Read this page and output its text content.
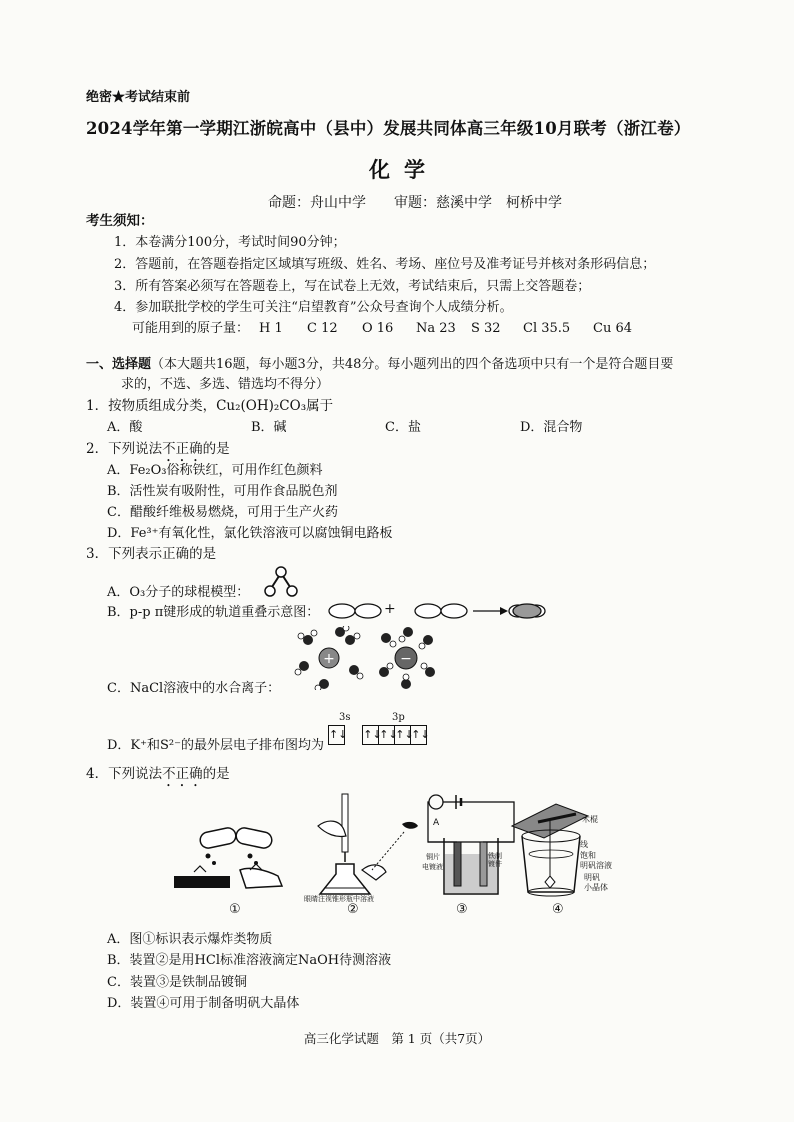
绝密★考试结束前
2024学年第一学期江浙皖高中（县中）发展共同体高三年级10月联考（浙江卷）
化学
命题：舟山中学　　审题：慈溪中学　柯桥中学
考生须知：
1．本卷满分100分，考试时间90分钟；
2．答题前，在答题卷指定区域填写班级、姓名、考场、座位号及准考证号并核对条形码信息；
3．所有答案必须写在答题卷上，写在试卷上无效，考试结束后，只需上交答题卷；
4．参加联批学校的学生可关注“启望教育”公众号查询个人成绩分析。
可能用到的原子量： H 1 C 12 O 16 Na 23 S 32 Cl 35.5 Cu 64
一、选择题（本大题共16题，每小题3分，共48分。每小题列出的四个备选项中只有一个是符合题目要
求的，不选、多选、错选均不得分）
1．按物质组成分类，Cu₂(OH)₂CO₃属于
A．酸	B．碱	C．盐	D．混合物
2．下列说法不正确的是
A．Fe₂O₃俗称铁红，可用作红色颜料
B．活性炭有吸附性，可用作食品脱色剂
C．醋酸纤维极易燃烧，可用于生产火药
D．Fe³⁺有氧化性，氯化铁溶液可以腐蚀铜电路板
3．下列表示正确的是
A．O₃分子的球棍模型：
B．p-p π键形成的轨道重叠示意图：	+
+	−
C．NaCl溶液中的水合离子：
3s	3p
D．K⁺和S²⁻的最外层电子排布图均为
↑↓ ↑↓↑↓↑↓↑↓
4．下列说法不正确的是
①
眼睛注视锥形瓶中溶液
②
A
铜片
电镀液
铁制镀件
③
木棍
线
饱和
明矾溶液
明矾
小晶体
④
A．图①标识表示爆炸类物质
B．装置②是用HCl标准溶液滴定NaOH待测溶液
C．装置③是铁制品镀铜
D．装置④可用于制备明矾大晶体
高三化学试题　第 1 页（共7页）
